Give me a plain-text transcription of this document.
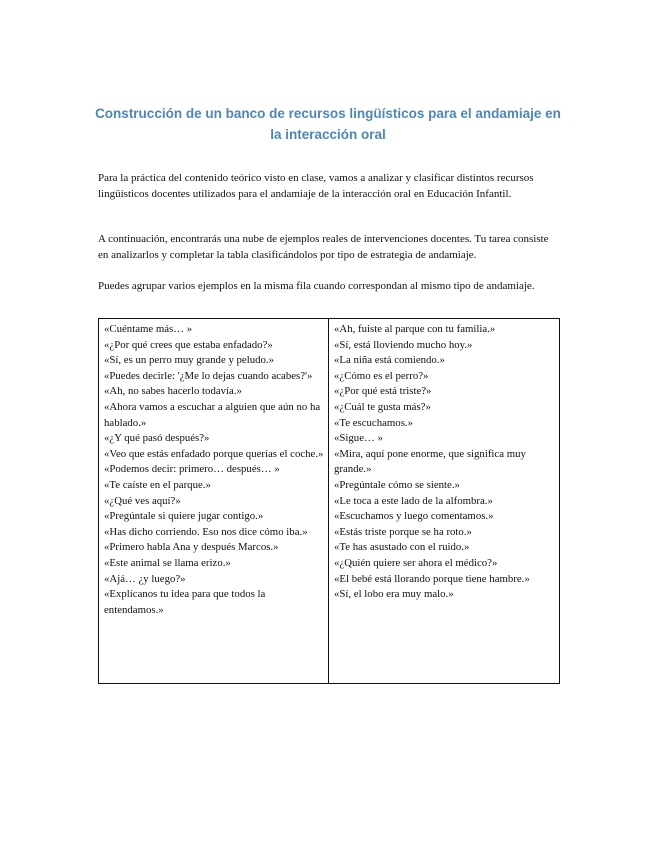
Construcción de un banco de recursos lingüísticos para el andamiaje en la interacción oral

Para la práctica del contenido teórico visto en clase, vamos a analizar y clasificar distintos recursos lingüísticos docentes utilizados para el andamiaje de la interacción oral en Educación Infantil.

A continuación, encontrarás una nube de ejemplos reales de intervenciones docentes. Tu tarea consiste en analizarlos y completar la tabla clasificándolos por tipo de estrategia de andamiaje.

Puedes agrupar varios ejemplos en la misma fila cuando correspondan al mismo tipo de andamiaje.

«Cuéntame más… »

«¿Por qué crees que estaba enfadado?»

«Sí, es un perro muy grande y peludo.»

«Puedes decirle: '¿Me lo dejas cuando acabes?'»

«Ah, no sabes hacerlo todavía.»

«Ahora vamos a escuchar a alguien que aún no ha hablado.»

«¿Y qué pasó después?»

«Veo que estás enfadado porque querías el coche.»

«Podemos decir: primero… después… »

«Te caíste en el parque.»

«¿Qué ves aquí?»

«Pregúntale si quiere jugar contigo.»

«Has dicho corriendo. Eso nos dice cómo iba.»

«Primero habla Ana y después Marcos.»

«Este animal se llama erizo.»

«Ajá… ¿y luego?»

«Explícanos tu idea para que todos la entendamos.»

«Ah, fuiste al parque con tu familia.»

«Sí, está lloviendo mucho hoy.»

«La niña está comiendo.»

«¿Cómo es el perro?»

«¿Por qué está triste?»

«¿Cuál te gusta más?»

«Te escuchamos.»

«Sigue… »

«Mira, aquí pone enorme, que significa muy grande.»

«Pregúntale cómo se siente.»

«Le toca a este lado de la alfombra.»

«Escuchamos y luego comentamos.»

«Estás triste porque se ha roto.»

«Te has asustado con el ruido.»

«¿Quién quiere ser ahora el médico?»

«El bebé está llorando porque tiene hambre.»

«Sí, el lobo era muy malo.»
